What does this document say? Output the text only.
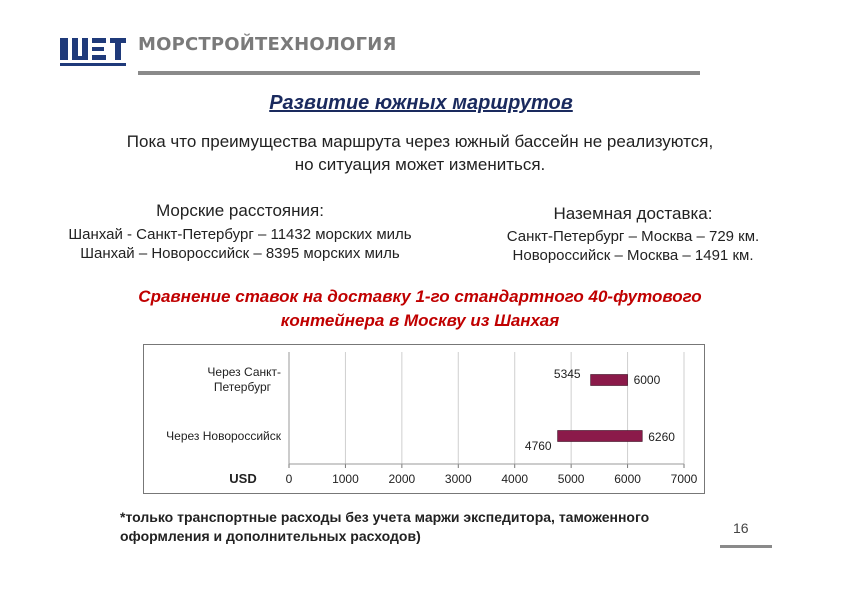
МОРСТРОЙТЕХНОЛОГИЯ
Развитие южных маршрутов
Пока что преимущества маршрута через южный бассейн не реализуются, но ситуация может измениться.
Морские расстояния:
Шанхай - Санкт-Петербург – 11432 морских миль
Шанхай – Новороссийск – 8395 морских миль
Наземная доставка:
Санкт-Петербург – Москва – 729 км.
Новороссийск – Москва – 1491 км.
Сравнение ставок на доставку 1-го стандартного 40-футового контейнера в Москву из Шанхая
0	1000 2000 3000 4000 5000 6000 7000
USD
Через Санкт-Петербург
5345	6000
Через Новороссийск
4760
6260
*только транспортные расходы без учета маржи экспедитора, таможенного оформления и дополнительных расходов)	16
